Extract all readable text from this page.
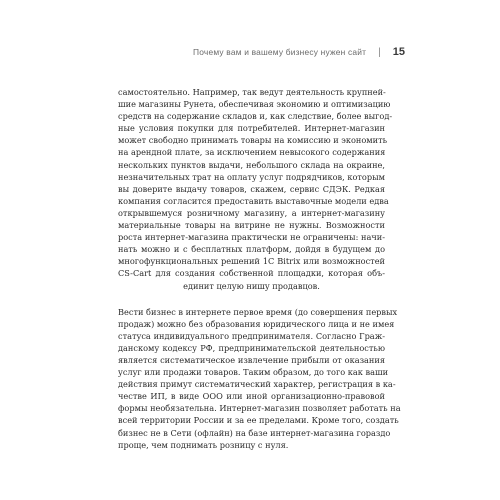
Почему вам и вашему бизнесу нужен сайт | 15

самостоятельно. Например, так ведут деятельность крупней-
шие магазины Рунета, обеспечивая экономию и оптимизацию
средств на содержание складов и, как следствие, более выгод-
ные условия покупки для потребителей. Интернет-магазин
может свободно принимать товары на комиссию и экономить
на арендной плате, за исключением невысокого содержания
нескольких пунктов выдачи, небольшого склада на окраине,
незначительных трат на оплату услуг подрядчиков, которым
вы доверите выдачу товаров, скажем, сервис СДЭК. Редкая
компания согласится предоставить выставочные модели едва
открывшемуся розничному магазину, а интернет-магазину
материальные товары на витрине не нужны. Возможности
роста интернет-магазина практически не ограничены: начи-
нать можно и с бесплатных платформ, дойдя в будущем до
многофункциональных решений 1С Bitrix или возможностей
CS-Cart для создания собственной площадки, которая объ-
единит целую нишу продавцов.

Вести бизнес в интернете первое время (до совершения первых
продаж) можно без образования юридического лица и не имея
статуса индивидуального предпринимателя. Согласно Граж-
данскому кодексу РФ, предпринимательской деятельностью
является систематическое извлечение прибыли от оказания
услуг или продажи товаров. Таким образом, до того как ваши
действия примут систематический характер, регистрация в ка-
честве ИП, в виде ООО или иной организационно-правовой
формы необязательна. Интернет-магазин позволяет работать на
всей территории России и за ее пределами. Кроме того, создать
бизнес не в Сети (офлайн) на базе интернет-магазина гораздо
проще, чем поднимать розницу с нуля.
